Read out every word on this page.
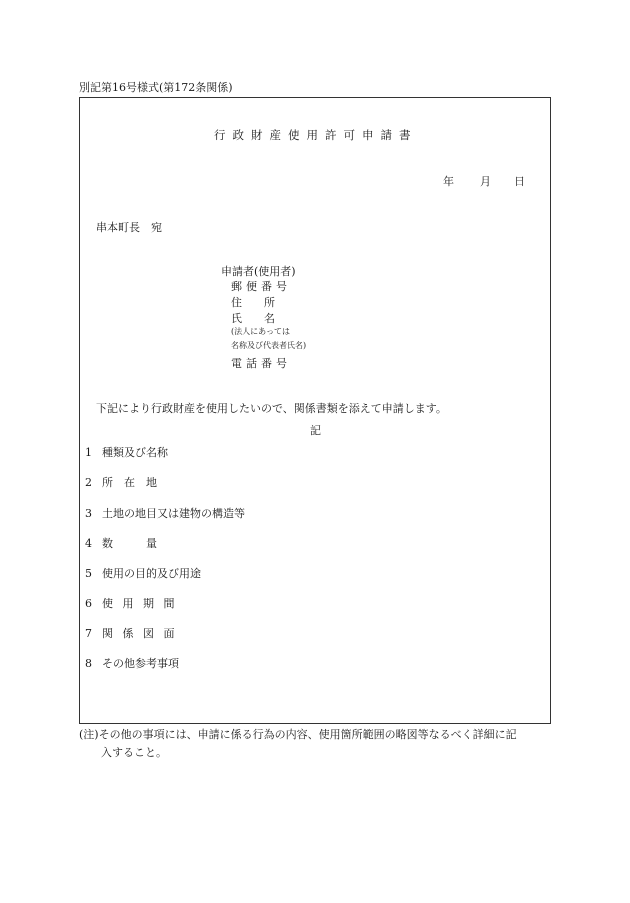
別記第16号様式(第172条関係)
行政財産使用許可申請書
年 月 日
串本町長　宛
申請者(使用者)
郵便番号
住　　所
氏　　名
(法人にあっては
名称及び代表者氏名)
電話番号
下記により行政財産を使用したいので、関係書類を添えて申請します。
記
1 種類及び名称
2 所　在　地
3 土地の地目又は建物の構造等
4 数　　　量
5 使用の目的及び用途
6 使 用 期 間
7 関 係 図 面
8 その他参考事項
(注)その他の事項には、申請に係る行為の内容、使用箇所範囲の略図等なるべく詳細に記
入すること。
